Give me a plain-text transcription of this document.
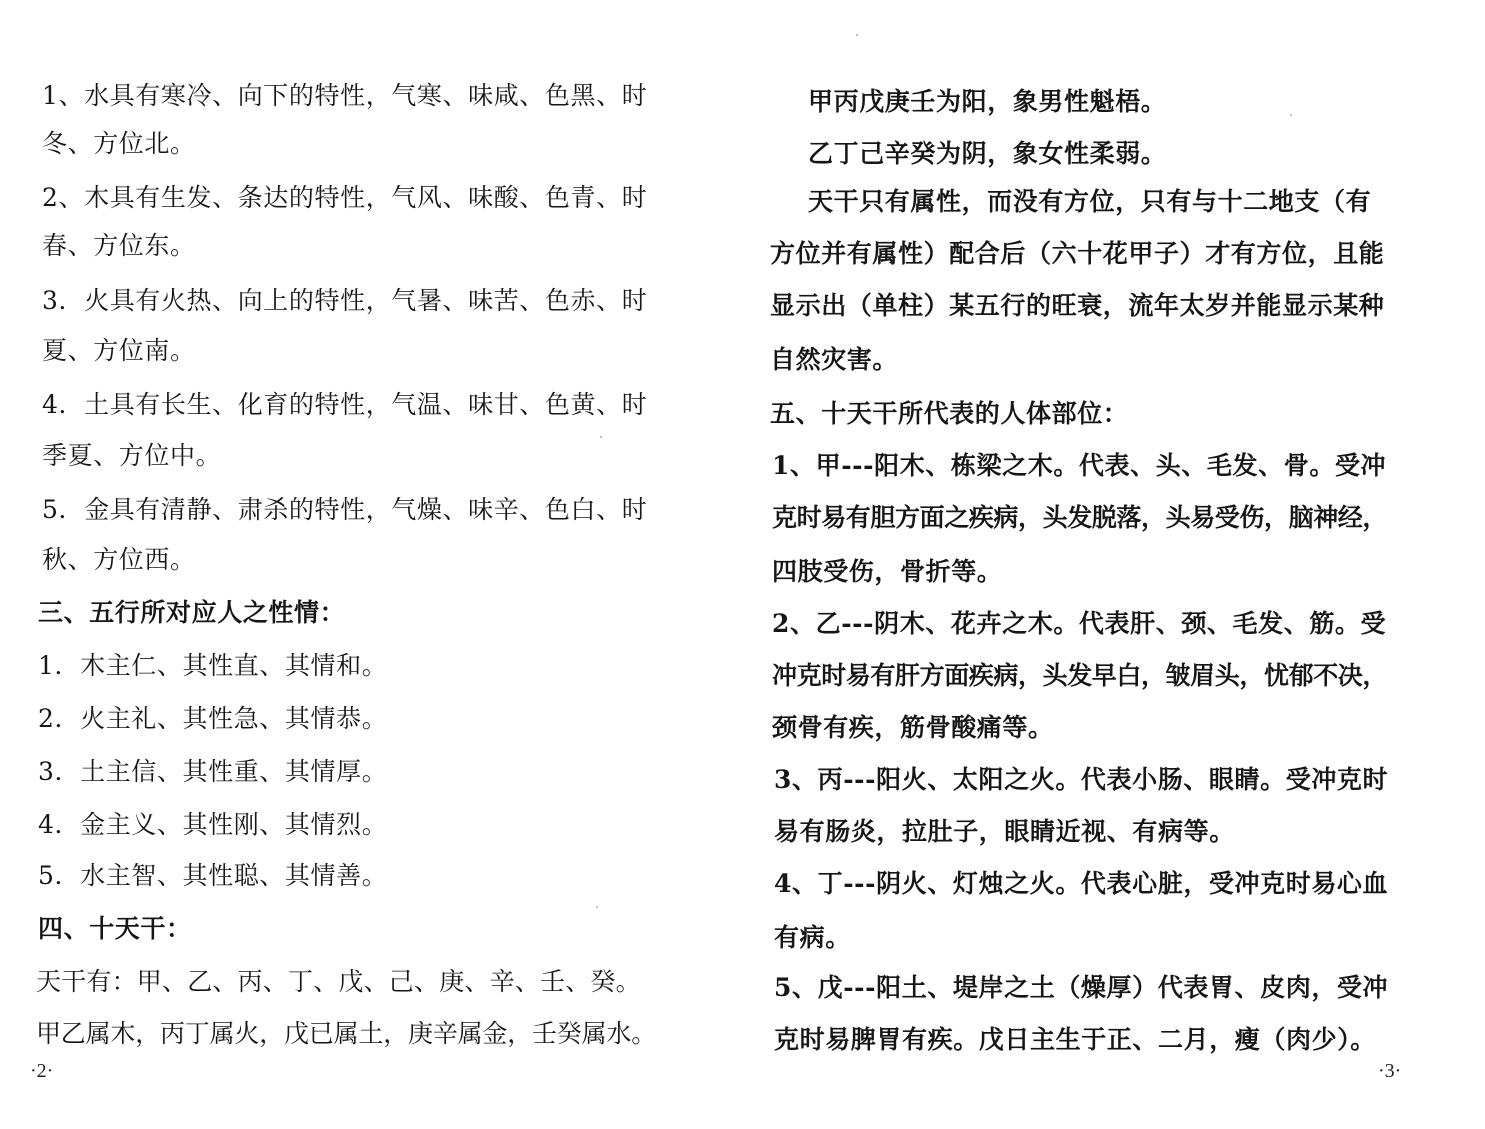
1、水具有寒冷、向下的特性，气寒、味咸、色黑、时
冬、方位北。
2、木具有生发、条达的特性，气风、味酸、色青、时
春、方位东。
3．火具有火热、向上的特性，气暑、味苦、色赤、时
夏、方位南。
4．土具有长生、化育的特性，气温、味甘、色黄、时
季夏、方位中。
5．金具有清静、肃杀的特性，气燥、味辛、色白、时
秋、方位西。
三、五行所对应人之性情：
1．木主仁、其性直、其情和。
2．火主礼、其性急、其情恭。
3．土主信、其性重、其情厚。
4．金主义、其性刚、其情烈。
5．水主智、其性聪、其情善。
四、十天干：
天干有：甲、乙、丙、丁、戊、己、庚、辛、壬、癸。
甲乙属木，丙丁属火，戊已属土，庚辛属金，壬癸属水。
·2·
甲丙戊庚壬为阳，象男性魁梧。
乙丁己辛癸为阴，象女性柔弱。
天干只有属性，而没有方位，只有与十二地支（有
方位并有属性）配合后（六十花甲子）才有方位，且能
显示出（单柱）某五行的旺衰，流年太岁并能显示某种
自然灾害。
五、十天干所代表的人体部位：
1、甲---阳木、栋梁之木。代表、头、毛发、骨。受冲
克时易有胆方面之疾病，头发脱落，头易受伤，脑神经，
四肢受伤，骨折等。
2、乙---阴木、花卉之木。代表肝、颈、毛发、筋。受
冲克时易有肝方面疾病，头发早白，皱眉头，忧郁不决，
颈骨有疾，筋骨酸痛等。
3、丙---阳火、太阳之火。代表小肠、眼睛。受冲克时
易有肠炎，拉肚子，眼睛近视、有病等。
4、丁---阴火、灯烛之火。代表心脏，受冲克时易心血
有病。
5、戊---阳土、堤岸之土（燥厚）代表胃、皮肉，受冲
克时易脾胃有疾。戊日主生于正、二月，瘦（肉少）。
·3·
